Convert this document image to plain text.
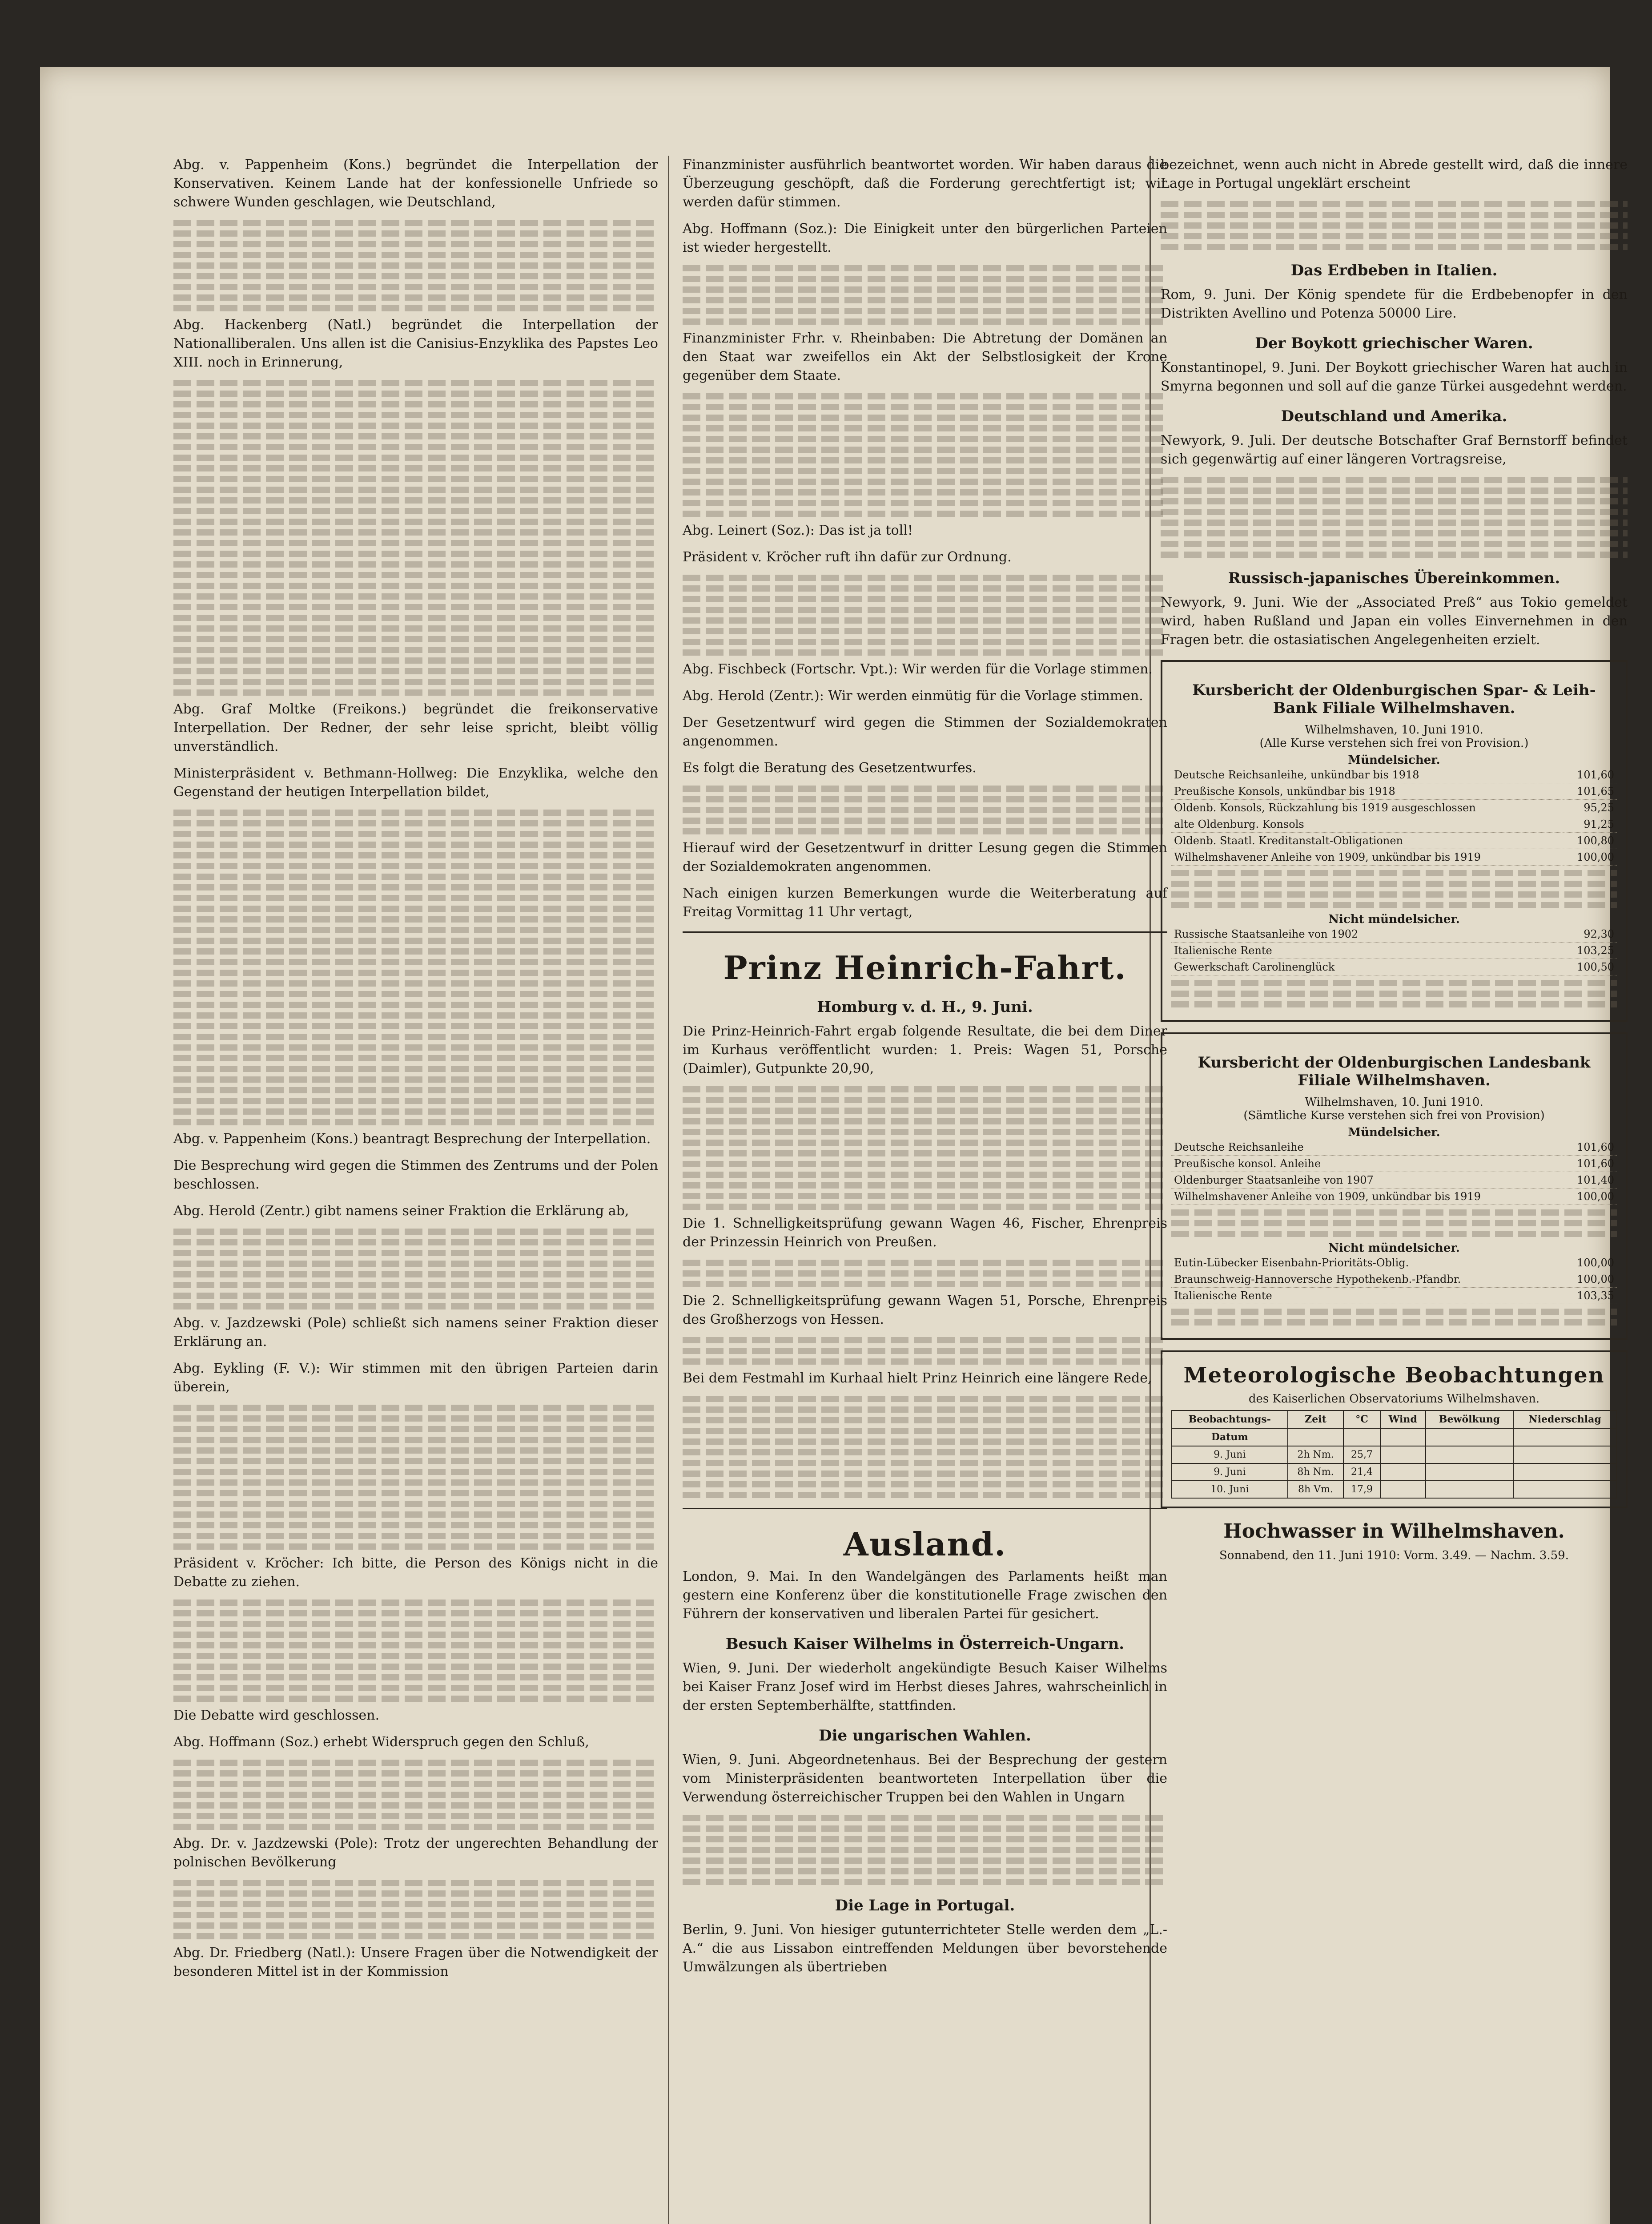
Abg. v. Pappenheim (Kons.) begründet die Interpellation der Konservativen. Keinem Lande hat der konfessionelle Unfriede so schwere Wunden geschlagen, wie Deutschland,

Abg. Hackenberg (Natl.) begründet die Interpellation der Nationalliberalen. Uns allen ist die Canisius-Enzyklika des Papstes Leo XIII. noch in Erinnerung,

Abg. Graf Moltke (Freikons.) begründet die freikonservative Interpellation. Der Redner, der sehr leise spricht, bleibt völlig unverständlich.

Ministerpräsident v. Bethmann-Hollweg: Die Enzyklika, welche den Gegenstand der heutigen Interpellation bildet,

Abg. v. Pappenheim (Kons.) beantragt Besprechung der Interpellation.

Die Besprechung wird gegen die Stimmen des Zentrums und der Polen beschlossen.

Abg. Herold (Zentr.) gibt namens seiner Fraktion die Erklärung ab,

Abg. v. Jazdzewski (Pole) schließt sich namens seiner Fraktion dieser Erklärung an.

Abg. Eykling (F. V.): Wir stimmen mit den übrigen Parteien darin überein,

Präsident v. Kröcher: Ich bitte, die Person des Königs nicht in die Debatte zu ziehen.

Die Debatte wird geschlossen.

Abg. Hoffmann (Soz.) erhebt Widerspruch gegen den Schluß,

Abg. Dr. v. Jazdzewski (Pole): Trotz der ungerechten Behandlung der polnischen Bevölkerung

Abg. Dr. Friedberg (Natl.): Unsere Fragen über die Notwendigkeit der besonderen Mittel ist in der Kommission

Finanzminister ausführlich beantwortet worden. Wir haben daraus die Überzeugung geschöpft, daß die Forderung gerechtfertigt ist; wir werden dafür stimmen.

Abg. Hoffmann (Soz.): Die Einigkeit unter den bürgerlichen Parteien ist wieder hergestellt.

Finanzminister Frhr. v. Rheinbaben: Die Abtretung der Domänen an den Staat war zweifellos ein Akt der Selbstlosigkeit der Krone gegenüber dem Staate.

Abg. Leinert (Soz.): Das ist ja toll!

Präsident v. Kröcher ruft ihn dafür zur Ordnung.

Abg. Fischbeck (Fortschr. Vpt.): Wir werden für die Vorlage stimmen.

Abg. Herold (Zentr.): Wir werden einmütig für die Vorlage stimmen.

Der Gesetzentwurf wird gegen die Stimmen der Sozialdemokraten angenommen.

Es folgt die Beratung des Gesetzentwurfes.

Hierauf wird der Gesetzentwurf in dritter Lesung gegen die Stimmen der Sozialdemokraten angenommen.

Nach einigen kurzen Bemerkungen wurde die Weiterberatung auf Freitag Vormittag 11 Uhr vertagt,

Prinz Heinrich-Fahrt.
Homburg v. d. H., 9. Juni.

Die Prinz-Heinrich-Fahrt ergab folgende Resultate, die bei dem Diner im Kurhaus veröffentlicht wurden: 1. Preis: Wagen 51, Porsche (Daimler), Gutpunkte 20,90,

Die 1. Schnelligkeitsprüfung gewann Wagen 46, Fischer, Ehrenpreis der Prinzessin Heinrich von Preußen.

Die 2. Schnelligkeitsprüfung gewann Wagen 51, Porsche, Ehrenpreis des Großherzogs von Hessen.

Bei dem Festmahl im Kurhaal hielt Prinz Heinrich eine längere Rede,

Ausland.

London, 9. Mai. In den Wandelgängen des Parlaments heißt man gestern eine Konferenz über die konstitutionelle Frage zwischen den Führern der konservativen und liberalen Partei für gesichert.

Besuch Kaiser Wilhelms in Österreich-Ungarn.

Wien, 9. Juni. Der wiederholt angekündigte Besuch Kaiser Wilhelms bei Kaiser Franz Josef wird im Herbst dieses Jahres, wahrscheinlich in der ersten Septemberhälfte, stattfinden.

Die ungarischen Wahlen.

Wien, 9. Juni. Abgeordnetenhaus. Bei der Besprechung der gestern vom Ministerpräsidenten beantworteten Interpellation über die Verwendung österreichischer Truppen bei den Wahlen in Ungarn

Die Lage in Portugal.

Berlin, 9. Juni. Von hiesiger gutunterrichteter Stelle werden dem „L.-A.“ die aus Lissabon eintreffenden Meldungen über bevorstehende Umwälzungen als übertrieben

bezeichnet, wenn auch nicht in Abrede gestellt wird, daß die innere Lage in Portugal ungeklärt erscheint

Das Erdbeben in Italien.

Rom, 9. Juni. Der König spendete für die Erdbebenopfer in den Distrikten Avellino und Potenza 50000 Lire.

Der Boykott griechischer Waren.

Konstantinopel, 9. Juni. Der Boykott griechischer Waren hat auch in Smyrna begonnen und soll auf die ganze Türkei ausgedehnt werden.

Deutschland und Amerika.

Newyork, 9. Juli. Der deutsche Botschafter Graf Bernstorff befindet sich gegenwärtig auf einer längeren Vortragsreise,

Russisch-japanisches Übereinkommen.

Newyork, 9. Juni. Wie der „Associated Preß“ aus Tokio gemeldet wird, haben Rußland und Japan ein volles Einvernehmen in den Fragen betr. die ostasiatischen Angelegenheiten erzielt.

Kursbericht der Oldenburgischen Spar- & Leih-Bank Filiale Wilhelmshaven.
Wilhelmshaven, 10. Juni 1910.
(Alle Kurse verstehen sich frei von Provision.)
Mündelsicher.
Deutsche Reichsanleihe, unkündbar bis 1918	101,60
Preußische Konsols, unkündbar bis 1918	101,65
Oldenb. Konsols, Rückzahlung bis 1919 ausgeschlossen	95,25
alte Oldenburg. Konsols	91,25
Oldenb. Staatl. Kreditanstalt-Obligationen	100,80
Wilhelmshavener Anleihe von 1909, unkündbar bis 1919	100,00
Nicht mündelsicher.
Russische Staatsanleihe von 1902	92,30
Italienische Rente	103,25
Gewerkschaft Carolinenglück	100,50
Kursbericht der Oldenburgischen Landesbank Filiale Wilhelmshaven.
Wilhelmshaven, 10. Juni 1910.
(Sämtliche Kurse verstehen sich frei von Provision)
Mündelsicher.
Deutsche Reichsanleihe	101,60
Preußische konsol. Anleihe	101,60
Oldenburger Staatsanleihe von 1907	101,40
Wilhelmshavener Anleihe von 1909, unkündbar bis 1919	100,00
Nicht mündelsicher.
Eutin-Lübecker Eisenbahn-Prioritäts-Oblig.	100,00
Braunschweig-Hannoversche Hypothekenb.-Pfandbr.	100,00
Italienische Rente	103,35
Meteorologische Beobachtungen
des Kaiserlichen Observatoriums Wilhelmshaven.
Beobachtungs-	Zeit	°C	Wind	Bewölkung	Niederschlag
Datum					
9. Juni	2h Nm.	25,7			
9. Juni	8h Nm.	21,4			
10. Juni	8h Vm.	17,9			
Hochwasser in Wilhelmshaven.
Sonnabend, den 11. Juni 1910: Vorm. 3.49. — Nachm. 3.59.
